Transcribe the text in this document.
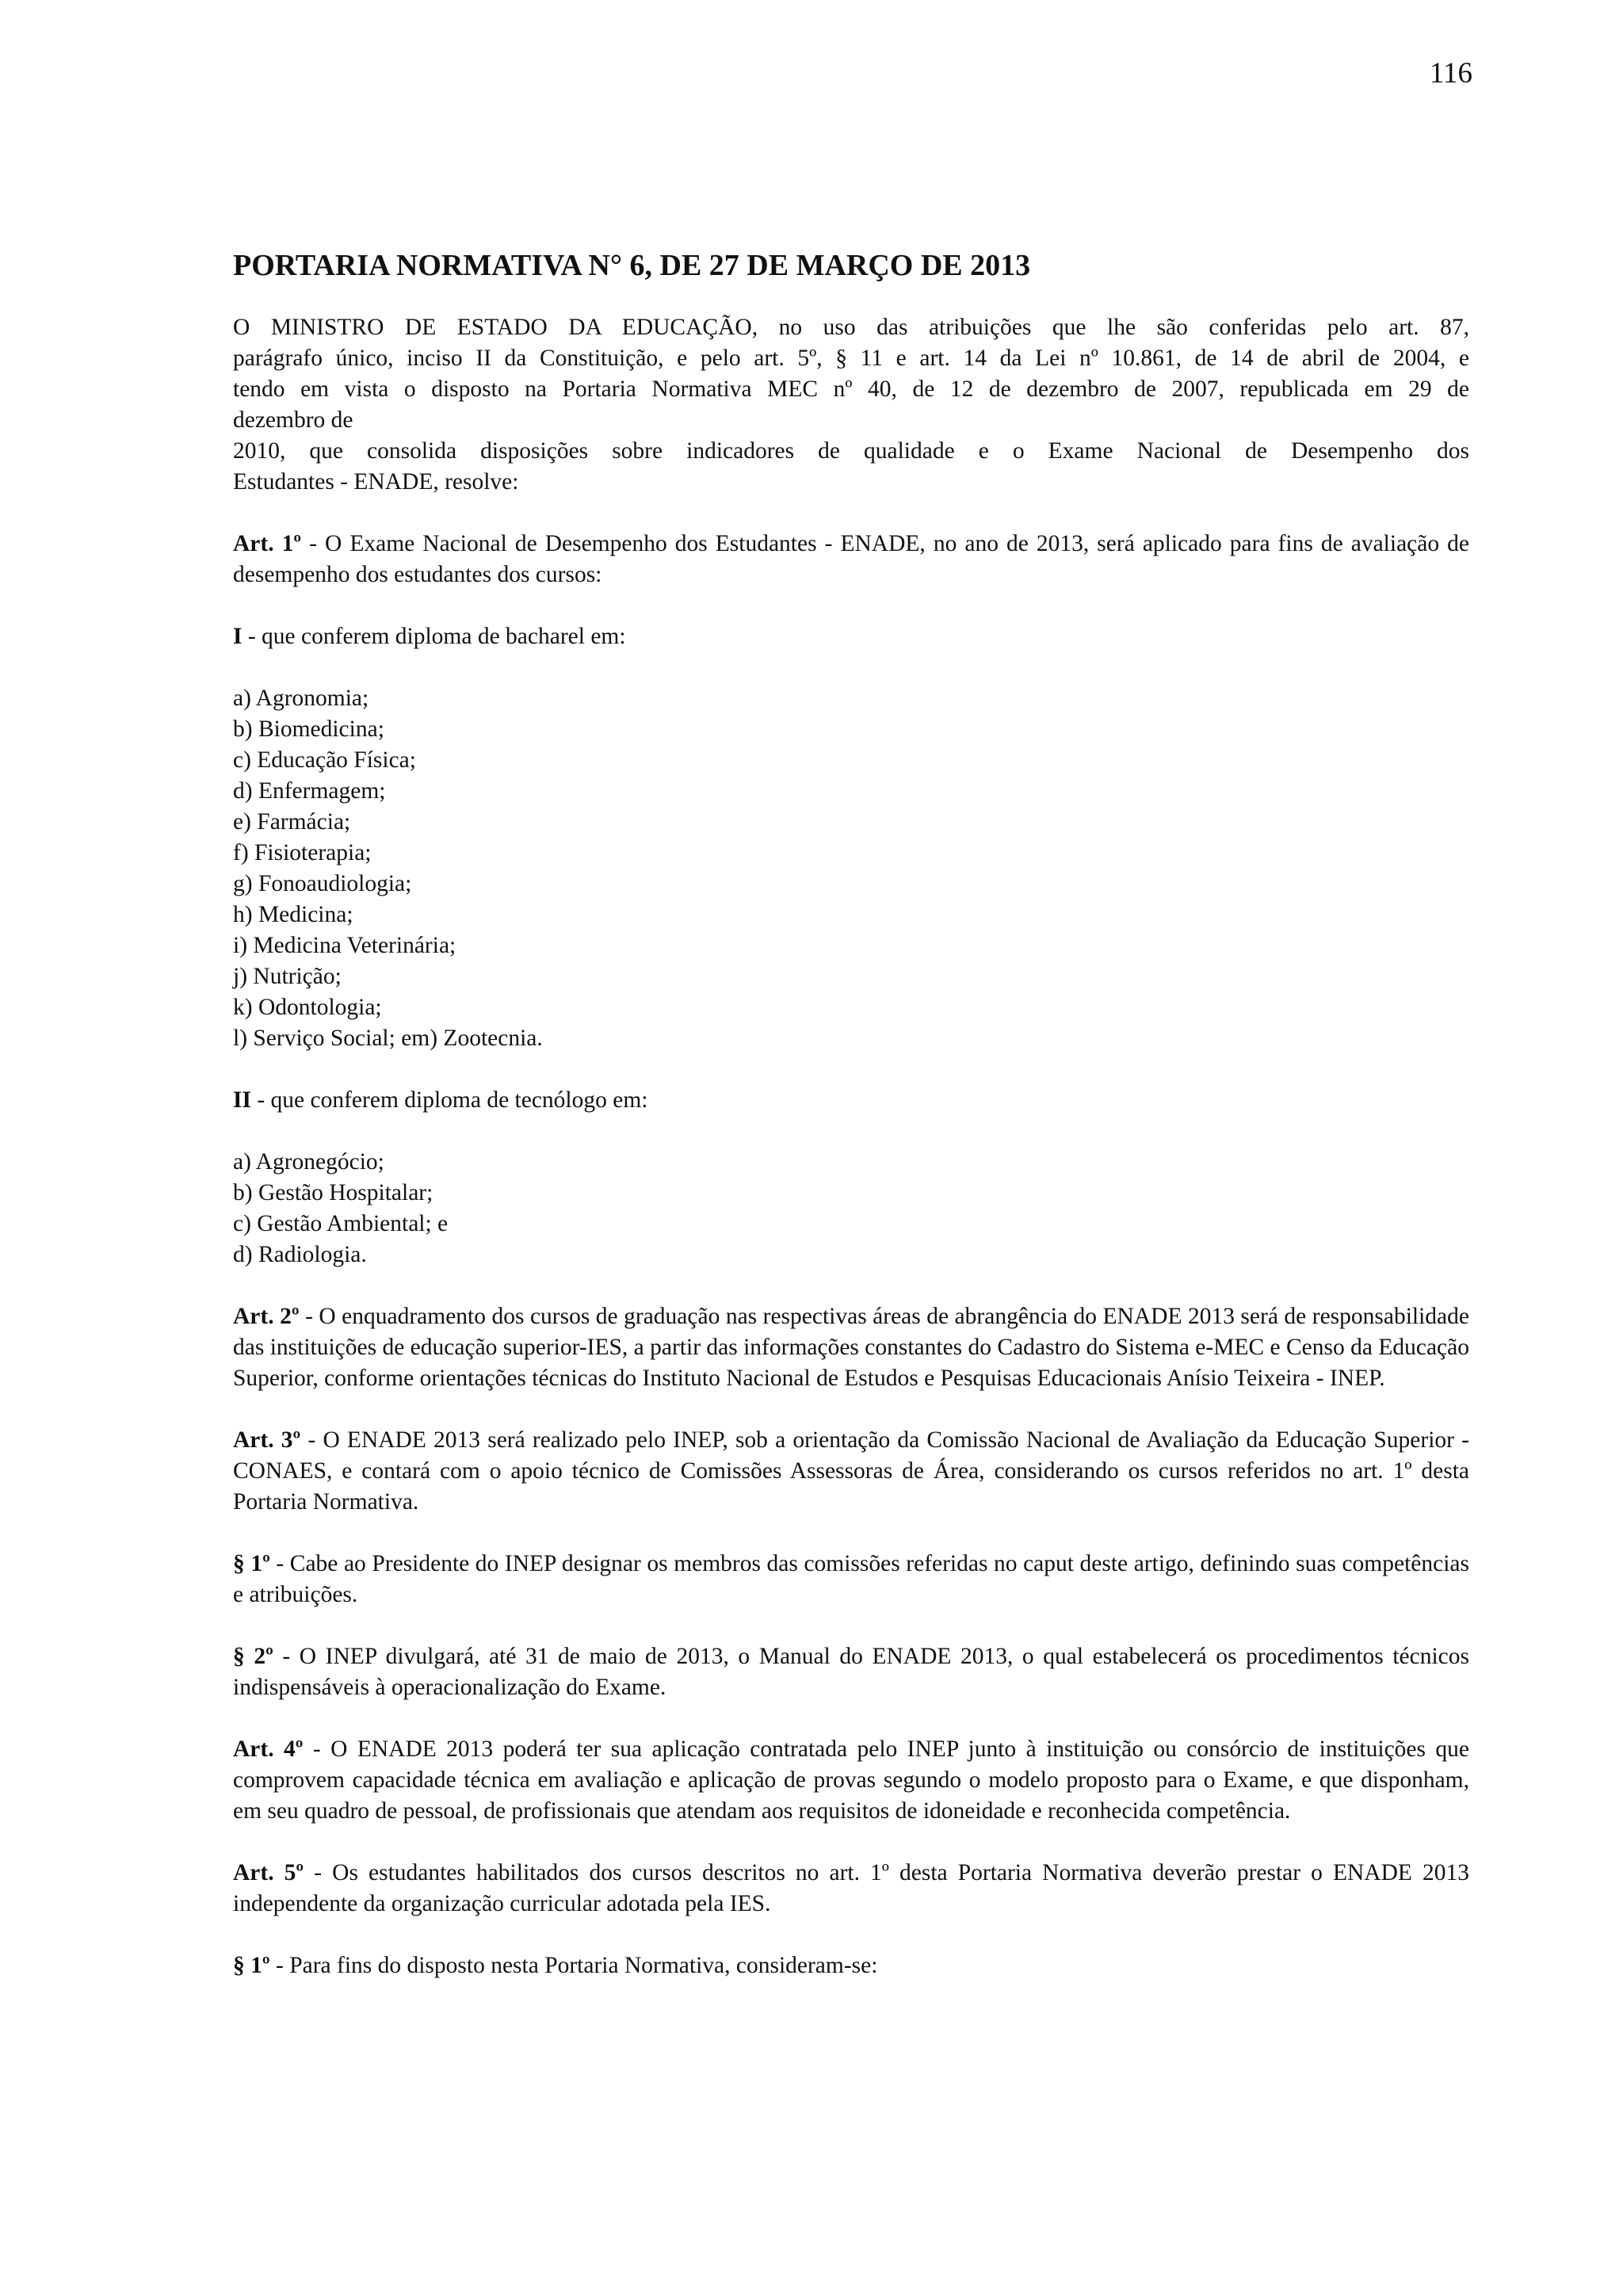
116
PORTARIA NORMATIVA N° 6, DE 27 DE MARÇO DE 2013

O MINISTRO DE ESTADO DA EDUCAÇÃO, no uso das atribuições que lhe são conferidas pelo art. 87,
parágrafo único, inciso II da Constituição, e pelo art. 5º, § 11 e art. 14 da Lei nº 10.861, de 14 de abril de 2004, e
tendo em vista o disposto na Portaria Normativa MEC nº 40, de 12 de dezembro de 2007, republicada em 29 de
dezembro de
2010, que consolida disposições sobre indicadores de qualidade e o Exame Nacional de Desempenho dos
Estudantes - ENADE, resolve:

Art. 1º - O Exame Nacional de Desempenho dos Estudantes - ENADE, no ano de 2013, será aplicado para fins de avaliação de desempenho dos estudantes dos cursos:

I - que conferem diploma de bacharel em:

a) Agronomia;
b) Biomedicina;
c) Educação Física;
d) Enfermagem;
e) Farmácia;
f) Fisioterapia;
g) Fonoaudiologia;
h) Medicina;
i) Medicina Veterinária;
j) Nutrição;
k) Odontologia;
l) Serviço Social; em) Zootecnia.

II - que conferem diploma de tecnólogo em:

a) Agronegócio;
b) Gestão Hospitalar;
c) Gestão Ambiental; e
d) Radiologia.

Art. 2º - O enquadramento dos cursos de graduação nas respectivas áreas de abrangência do ENADE 2013 será de responsabilidade das instituições de educação superior-IES, a partir das informações constantes do Cadastro do Sistema e-MEC e Censo da Educação Superior, conforme orientações técnicas do Instituto Nacional de Estudos e Pesquisas Educacionais Anísio Teixeira - INEP.

Art. 3º - O ENADE 2013 será realizado pelo INEP, sob a orientação da Comissão Nacional de Avaliação da Educação Superior - CONAES, e contará com o apoio técnico de Comissões Assessoras de Área, considerando os cursos referidos no art. 1º desta Portaria Normativa.

§ 1º - Cabe ao Presidente do INEP designar os membros das comissões referidas no caput deste artigo, definindo suas competências e atribuições.

§ 2º - O INEP divulgará, até 31 de maio de 2013, o Manual do ENADE 2013, o qual estabelecerá os procedimentos técnicos indispensáveis à operacionalização do Exame.

Art. 4º - O ENADE 2013 poderá ter sua aplicação contratada pelo INEP junto à instituição ou consórcio de instituições que comprovem capacidade técnica em avaliação e aplicação de provas segundo o modelo proposto para o Exame, e que disponham, em seu quadro de pessoal, de profissionais que atendam aos requisitos de idoneidade e reconhecida competência.

Art. 5º - Os estudantes habilitados dos cursos descritos no art. 1º desta Portaria Normativa deverão prestar o ENADE 2013 independente da organização curricular adotada pela IES.

§ 1º - Para fins do disposto nesta Portaria Normativa, consideram-se:
